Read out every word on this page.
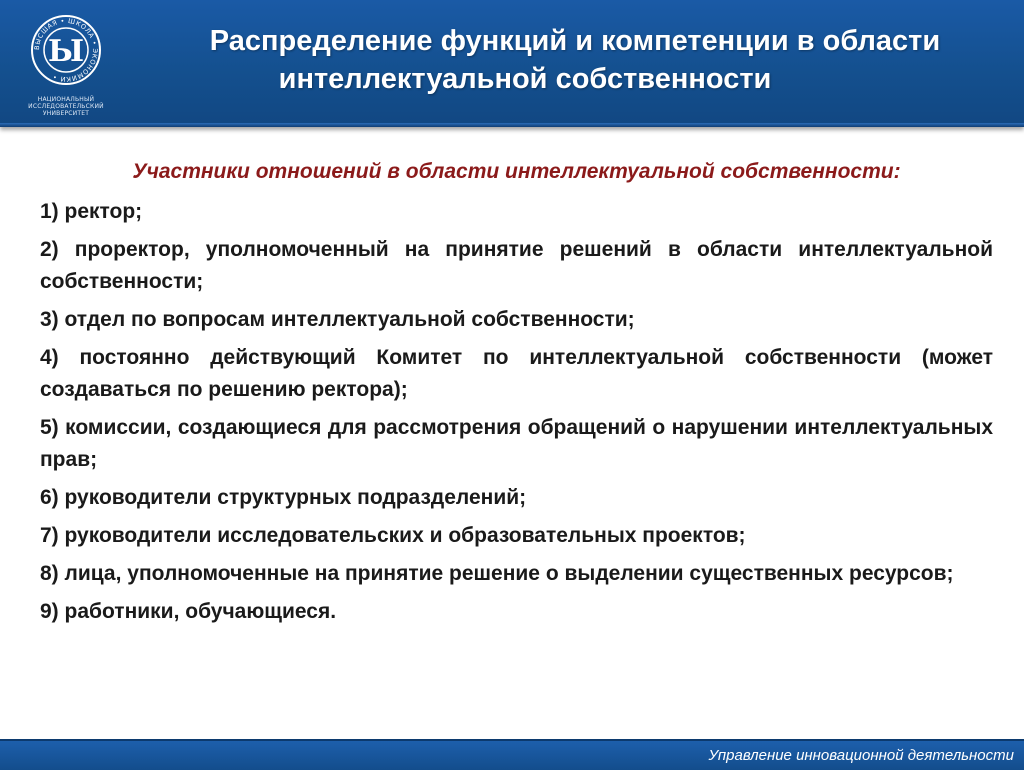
ВЫСШАЯ • ШКОЛА • ЭКОНОМИКИ •
Ы
НАЦИОНАЛЬНЫЙ ИССЛЕДОВАТЕЛЬСКИЙ
УНИВЕРСИТЕТ
Распределение функций и компетенции в области
интеллектуальной собственности
Участники отношений в области интеллектуальной собственности:
1) ректор;
2) проректор, уполномоченный на принятие решений в области интеллектуальной собственности;
3) отдел по вопросам интеллектуальной собственности;
4) постоянно действующий Комитет по интеллектуальной собственности (может создаваться по решению ректора);
5) комиссии, создающиеся для рассмотрения обращений о нарушении интеллектуальных прав;
6) руководители структурных подразделений;
7) руководители исследовательских и образовательных проектов;
8) лица, уполномоченные на принятие решение о выделении существенных ресурсов;
9) работники, обучающиеся.
Управление инновационной деятельности
